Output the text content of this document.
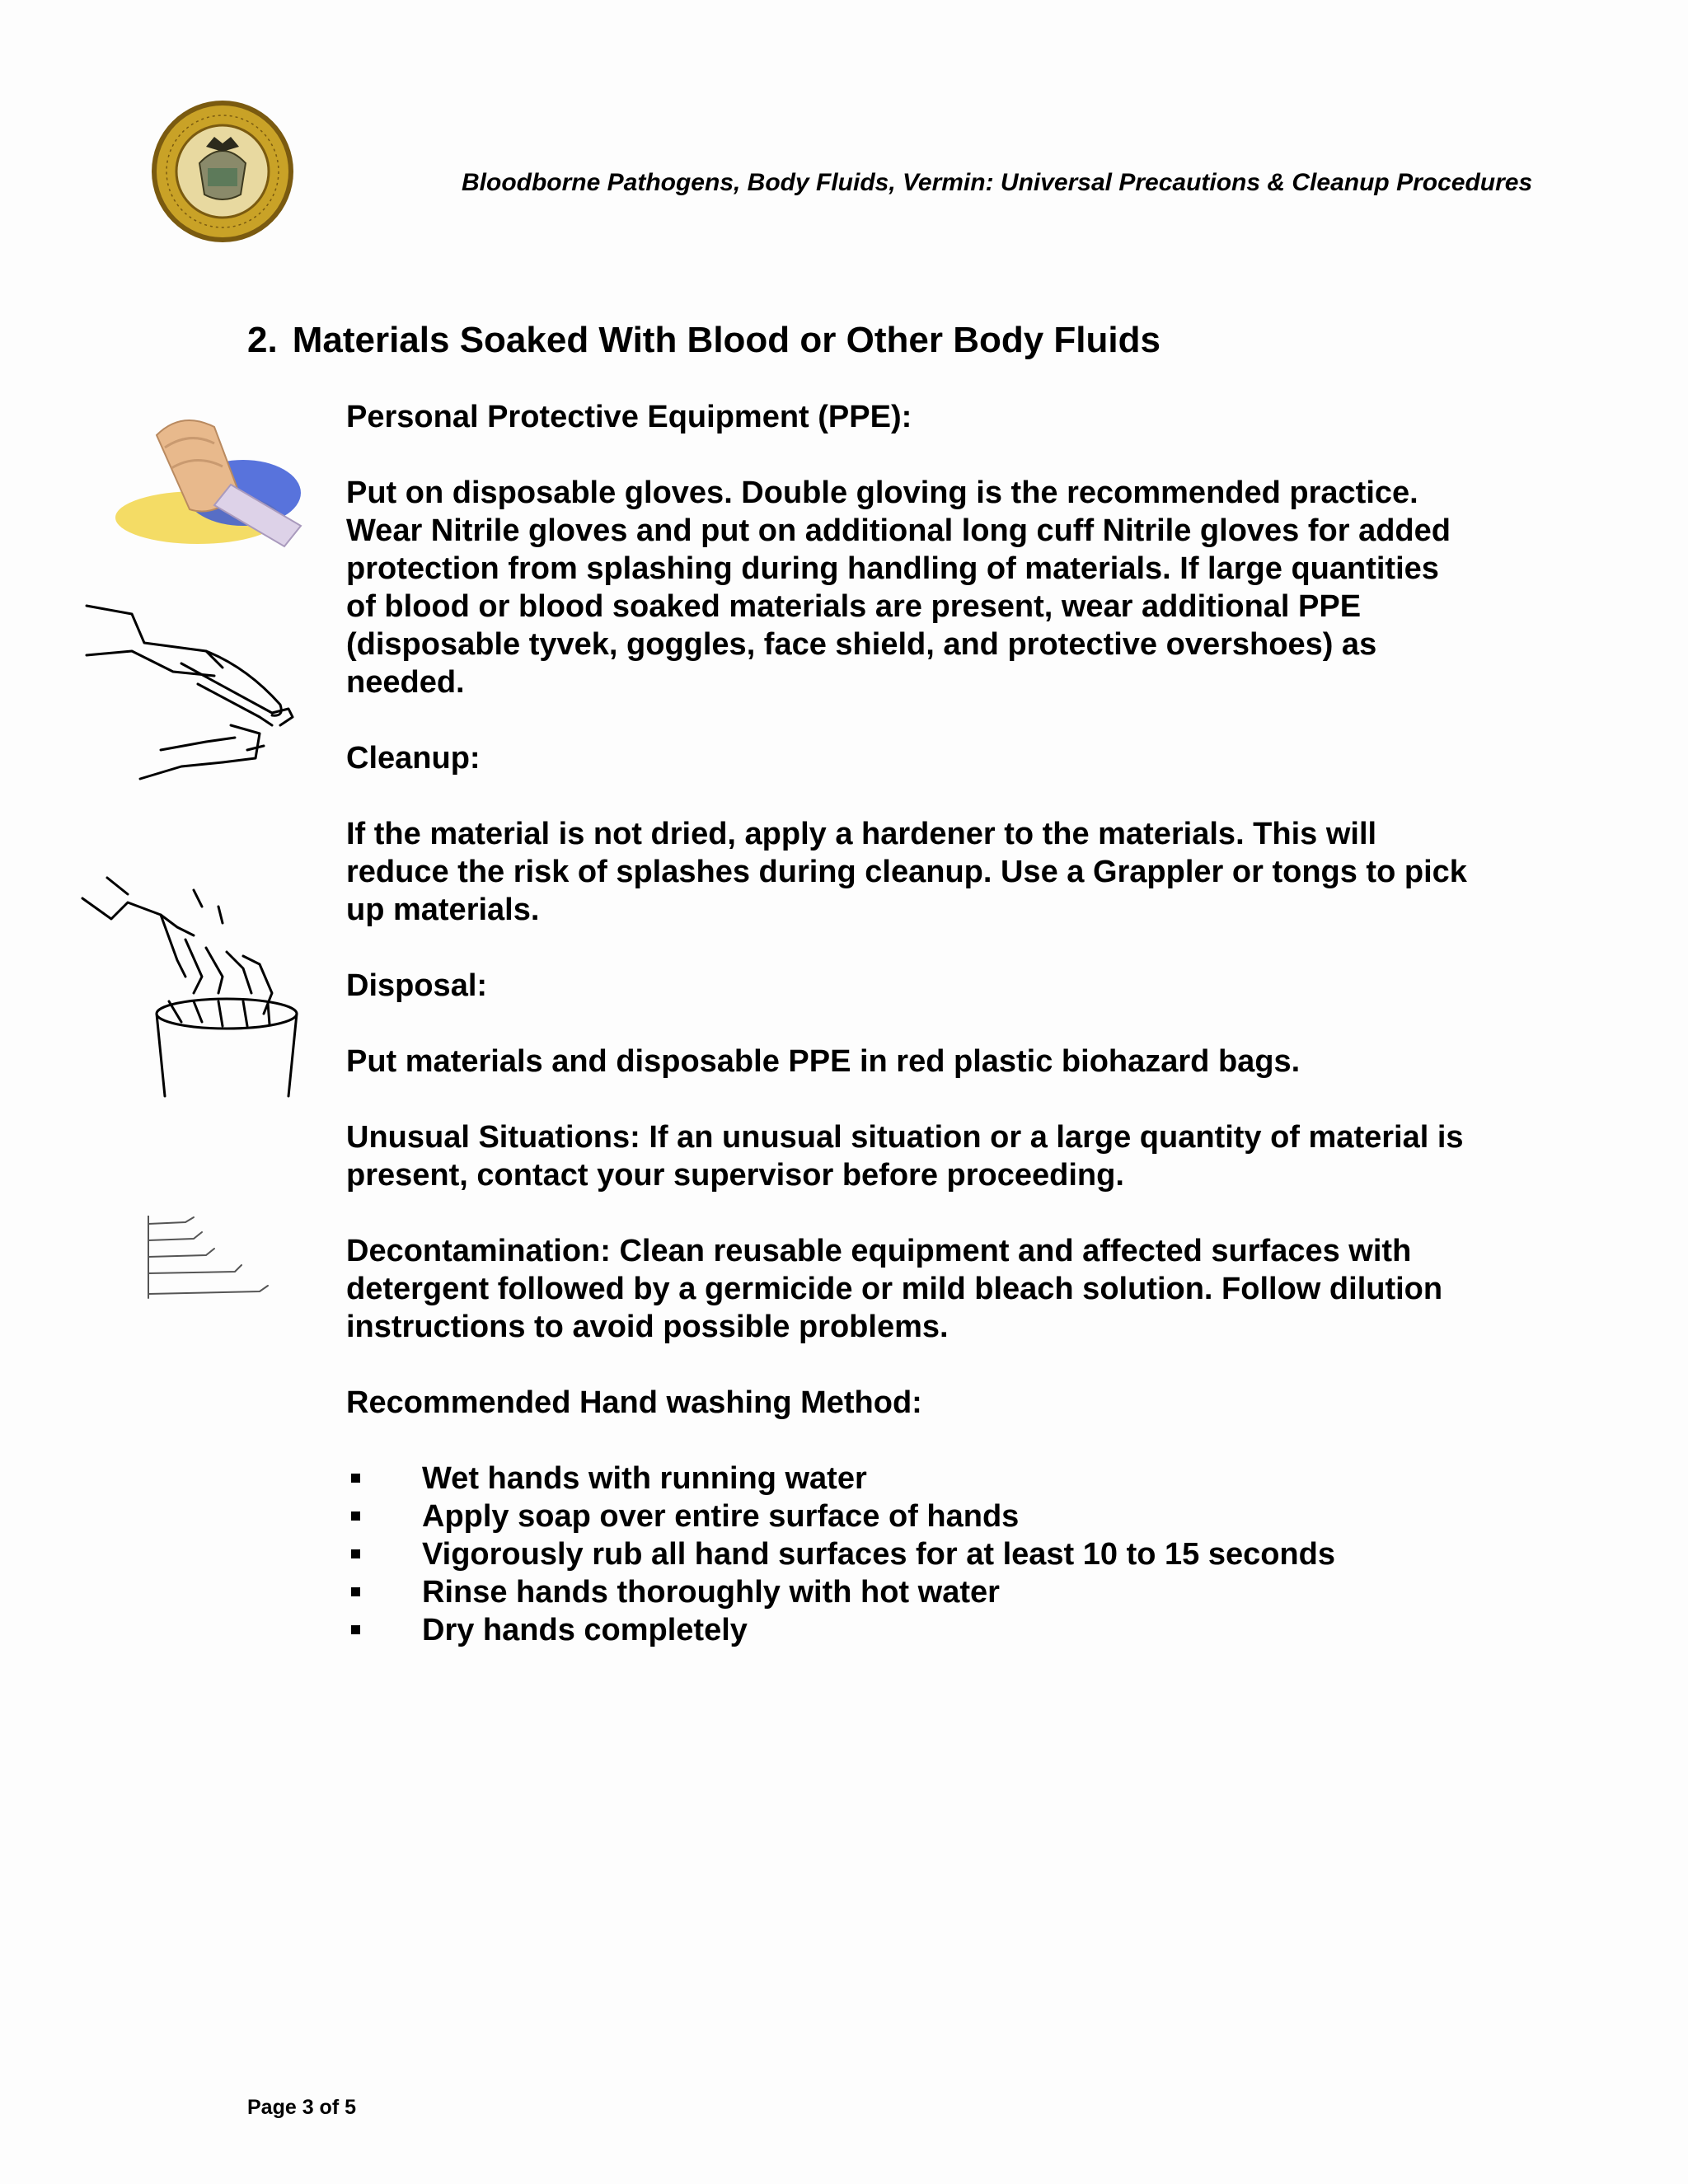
Bloodborne Pathogens, Body Fluids, Vermin: Universal Precautions & Cleanup Procedures
2. Materials Soaked With Blood or Other Body Fluids

Personal Protective Equipment (PPE):

Put on disposable gloves. Double gloving is the recommended practice. Wear Nitrile gloves and put on additional long cuff Nitrile gloves for added protection from splashing during handling of materials. If large quantities of blood or blood soaked materials are present, wear additional PPE (disposable tyvek, goggles, face shield, and protective overshoes) as needed.

Cleanup:

If the material is not dried, apply a hardener to the materials. This will reduce the risk of splashes during cleanup. Use a Grappler or tongs to pick up materials.

Disposal:

Put materials and disposable PPE in red plastic biohazard bags.

Unusual Situations: If an unusual situation or a large quantity of material is present, contact your supervisor before proceeding.

Decontamination: Clean reusable equipment and affected surfaces with detergent followed by a germicide or mild bleach solution. Follow dilution instructions to avoid possible problems.

Recommended Hand washing Method:

Wet hands with running water
Apply soap over entire surface of hands
Vigorously rub all hand surfaces for at least 10 to 15 seconds
Rinse hands thoroughly with hot water
Dry hands completely
Page 3 of 5
